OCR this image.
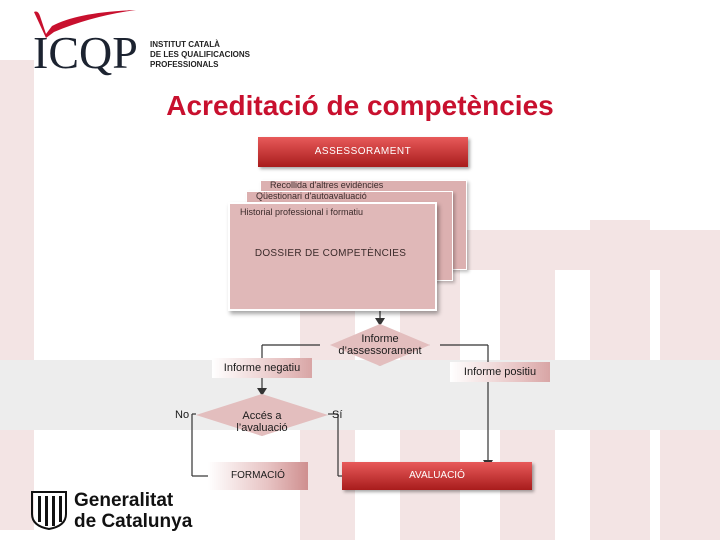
ICQP INSTITUT CATALÀ
DE LES QUALIFICACIONS
PROFESSIONALS
Acreditació de competències
ASSESSORAMENT
Recollida d'altres evidències
Qüestionari d'autoavaluació
Historial professional i formatiu
DOSSIER DE COMPETÈNCIES
Informe d’assessorament
Informe negatiu	Informe positiu
Accés a l’avaluació
No	Sí
FORMACIÓ	AVALUACIÓ
Generalitat
de Catalunya
